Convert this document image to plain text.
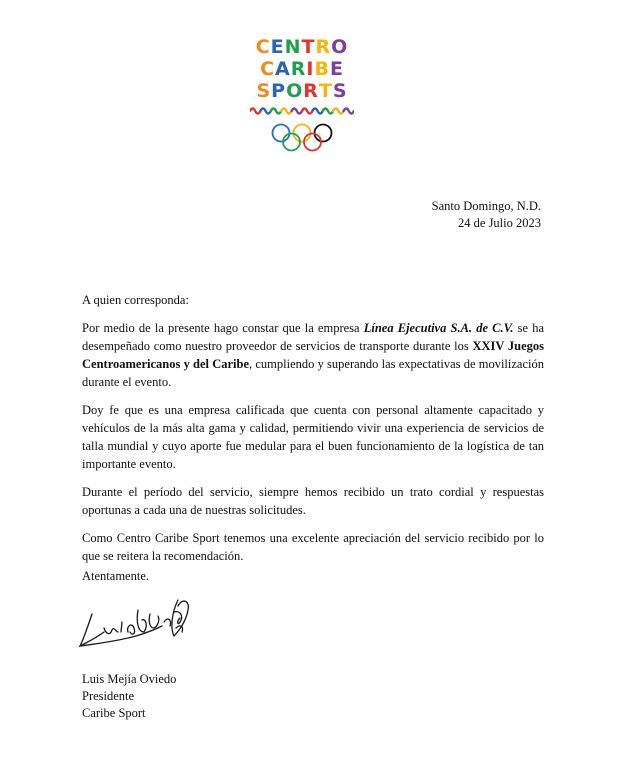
CENTRO
CARIBE
SPORTS
Santo Domingo, N.D.
24 de Julio 2023

A quien corresponda:

Por medio de la presente hago constar que la empresa Línea Ejecutiva S.A. de C.V. se ha desempeñado como nuestro proveedor de servicios de transporte durante los XXIV Juegos Centroamericanos y del Caribe, cumpliendo y superando las expectativas de movilización durante el evento.

Doy fe que es una empresa calificada que cuenta con personal altamente capacitado y vehículos de la más alta gama y calidad, permitiendo vivir una experiencia de servicios de talla mundial y cuyo aporte fue medular para el buen funcionamiento de la logística de tan importante evento.

Durante el período del servicio, siempre hemos recibido un trato cordial y respuestas oportunas a cada una de nuestras solicitudes.

Como Centro Caribe Sport tenemos una excelente apreciación del servicio recibido por lo que se reitera la recomendación.

Atentamente.
Luis Mejía Oviedo
Presidente
Caribe Sport
